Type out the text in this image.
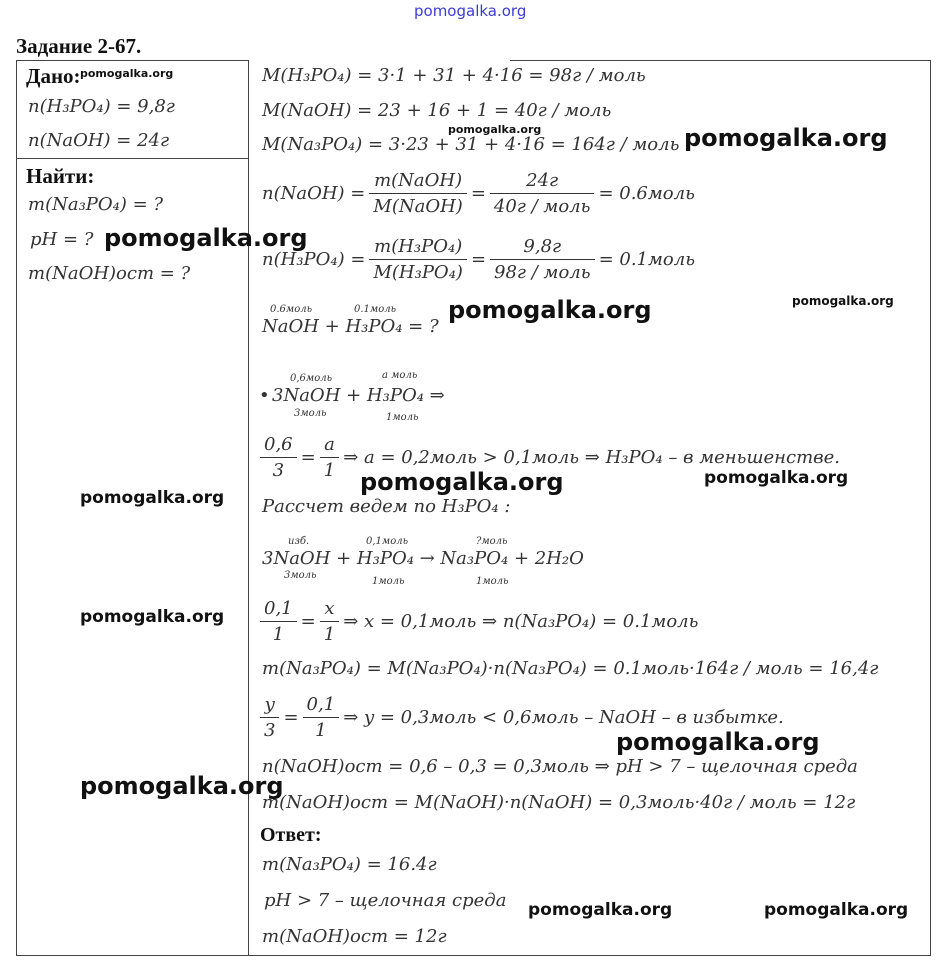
pomogalka.org
Задание 2-67.
Дано:
n(H₃PO₄) = 9,8г
n(NaOH) = 24г
Найти:
m(Na₃PO₄) = ?
pH = ?
m(NaOH)ост = ?
M(H₃PO₄) = 3·1 + 31 + 4·16 = 98г / моль
M(NaOH) = 23 + 16 + 1 = 40г / моль
M(Na₃PO₄) = 3·23 + 31 + 4·16 = 164г / моль
n(NaOH) = $\frac{\text{m(NaOH)}}{\text{M(NaOH)}} = \frac{24г}{\text{40г / моль}}$ = 0.6моль
$n(H_3PO_4) = \frac{\text{m(H₃PO₄)}}{\text{M(H₃PO₄)}} = \frac{9,8г}{\text{98г / моль}}$ = 0.1моль
0.6моль	0.1моль
NaOH + H₃PO₄ = ?
0,6моль	а моль
• 3NaOH + H₃PO₄ ⇒
3моль	1моль
$\frac{0,6}{3} = \frac{а}{1}$ ⇒ а = 0,2моль > 0,1моль ⇒ H₃PO₄ – в меньшенстве.
Рассчет ведем по H₃PO₄ :
изб.	0,1моль	?моль
3NaOH + H₃PO₄ → Na₃PO₄ + 2H₂O
3моль
1моль	1моль
$\frac{0,1}{1} = \frac{x}{1}$ ⇒ x = 0,1моль ⇒ n(Na₃PO₄) = 0.1моль
m(Na₃PO₄) = M(Na₃PO₄)·n(Na₃PO₄) = 0.1моль·164г / моль = 16,4г
$\frac{y}{3} = \frac{0,1}{1}$ ⇒ y = 0,3моль < 0,6моль – NaOH – в избытке.
n(NaOH)ост = 0,6 – 0,3 = 0,3моль ⇒ pH > 7 – щелочная среда
m(NaOH)ост = M(NaOH)·n(NaOH) = 0,3моль·40г / моль = 12г
Ответ:
m(Na₃PO₄) = 16.4г
pH > 7 – щелочная среда
m(NaOH)ост = 12г
pomogalka.org
pomogalka.org	pomogalka.org
pomogalka.org
pomogalka.org	pomogalka.org
pomogalka.org	pomogalka.org
pomogalka.org
pomogalka.org
pomogalka.org
pomogalka.org
pomogalka.org	pomogalka.org
